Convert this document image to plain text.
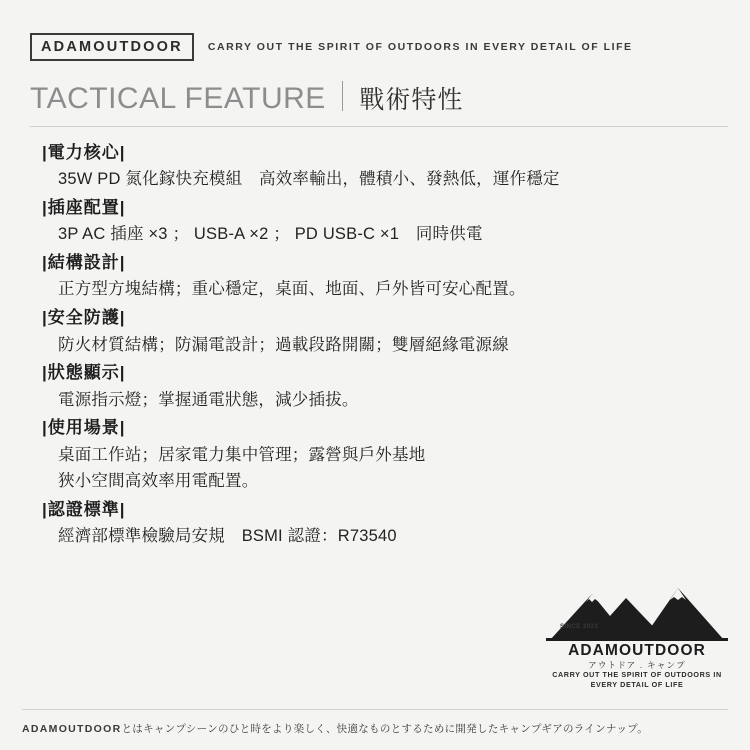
ADAMOUTDOOR	CARRY OUT THE SPIRIT OF OUTDOORS IN EVERY DETAIL OF LIFE
TACTICAL FEATURE 戰術特性
|電力核心|
35W PD 氮化鎵快充模組　高效率輸出，體積小、發熱低，運作穩定
|插座配置|
3P AC 插座 ×3 ； USB-A ×2 ； PD USB-C ×1　同時供電
|結構設計|
正方型方塊結構；重心穩定，桌面、地面、戶外皆可安心配置。
|安全防護|
防火材質結構；防漏電設計；過載段路開關；雙層絕緣電源線
|狀態顯示|
電源指示燈；掌握通電狀態，減少插拔。
|使用場景|
桌面工作站；居家電力集中管理；露營與戶外基地
狹小空間高效率用電配置。
|認證標準|
經濟部標準檢驗局安規　BSMI 認證：R73540
SINCE 2021
ADAMOUTDOOR
アウトドア . キャンプ
CARRY OUT THE SPIRIT OF OUTDOORS IN
EVERY DETAIL OF LIFE
ADAMOUTDOORとはキャンプシーンのひと時をより楽しく、快適なものとするために開発したキャンプギアのラインナップ。
